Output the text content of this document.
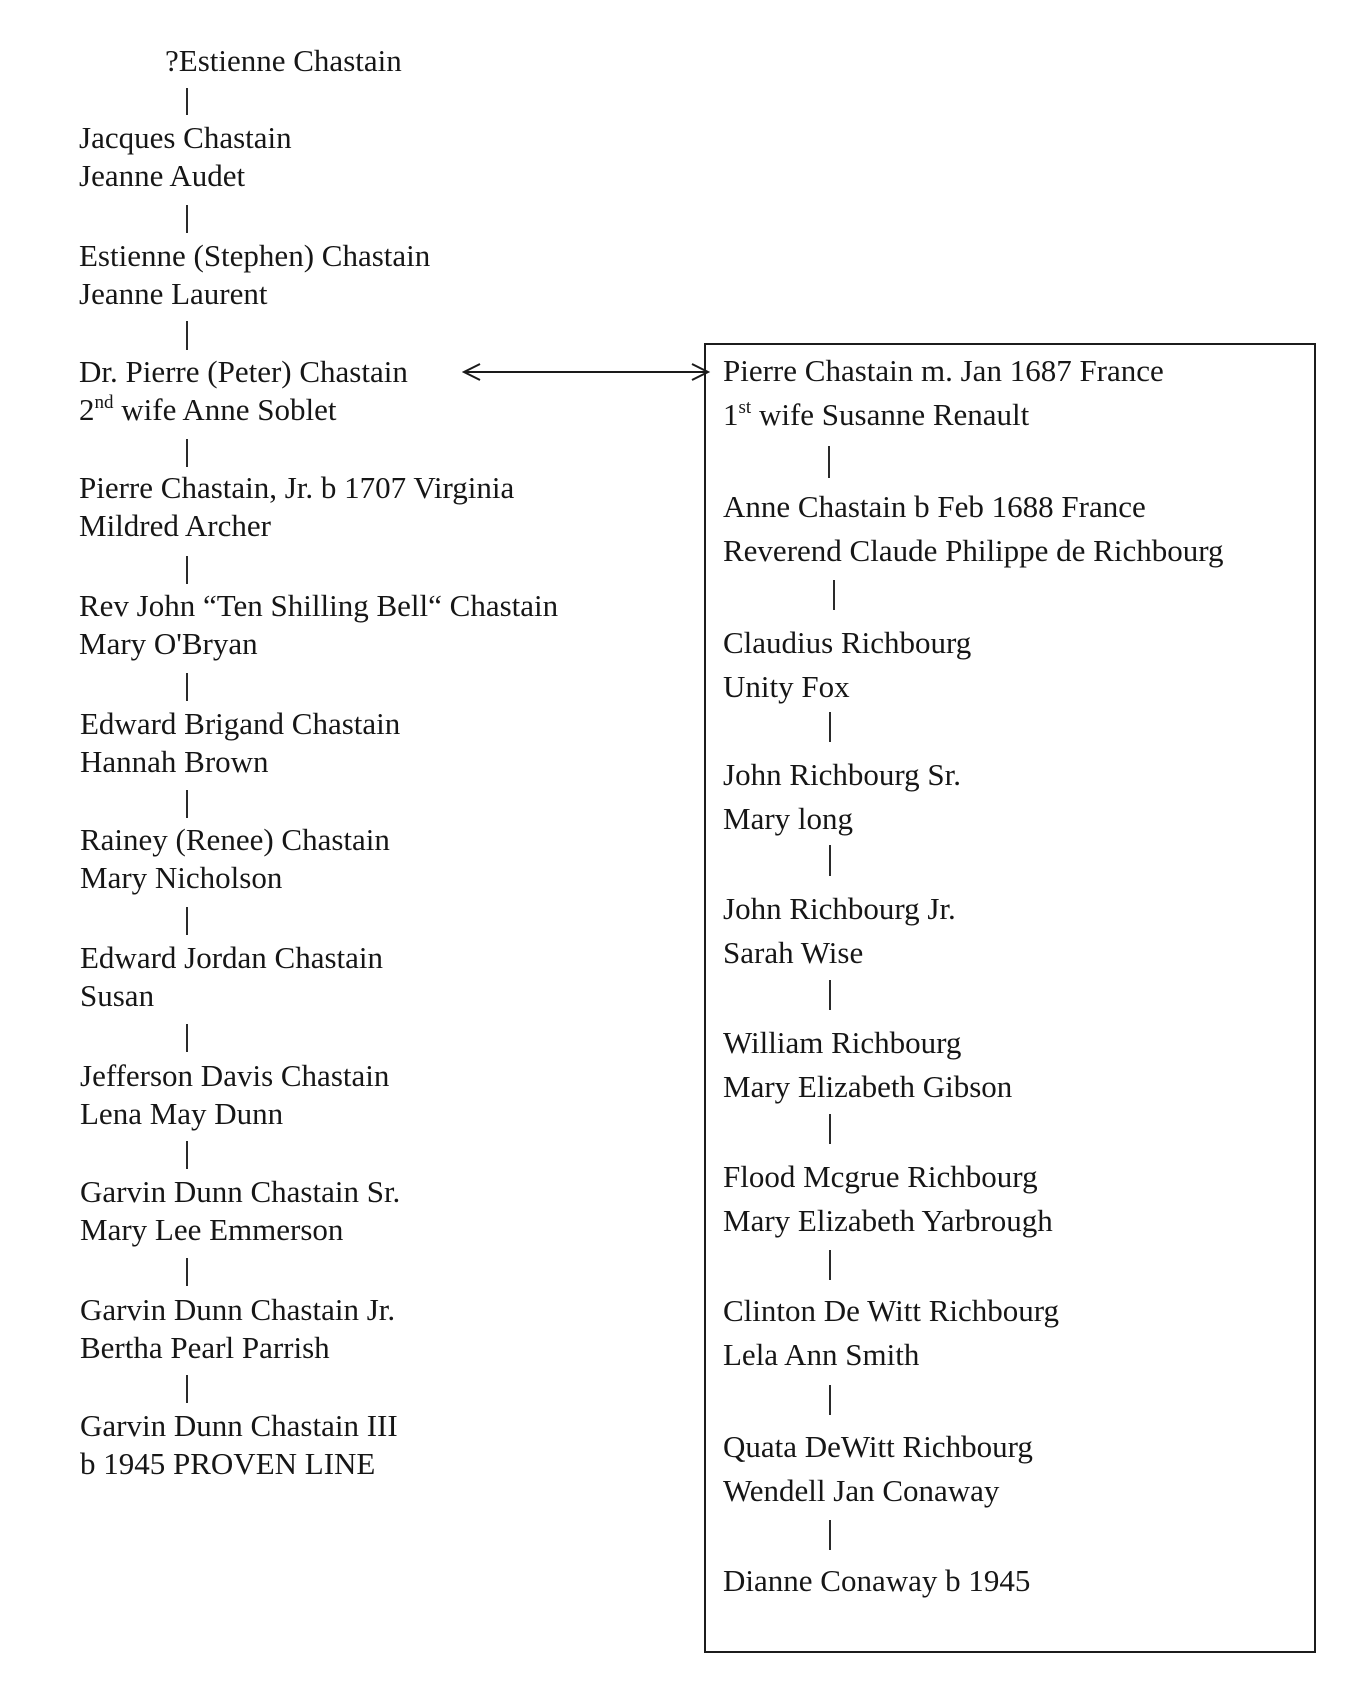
?Estienne Chastain
Jacques Chastain
Jeanne Audet
Estienne (Stephen) Chastain
Jeanne Laurent
Dr. Pierre (Peter) Chastain
2nd wife Anne Soblet
Pierre Chastain, Jr. b 1707 Virginia
Mildred Archer
Rev John “Ten Shilling Bell“ Chastain
Mary O'Bryan
Edward Brigand Chastain
Hannah Brown
Rainey (Renee) Chastain
Mary Nicholson
Edward Jordan Chastain
Susan
Jefferson Davis Chastain
Lena May Dunn
Garvin Dunn Chastain Sr.
Mary Lee Emmerson
Garvin Dunn Chastain Jr.
Bertha Pearl Parrish
Garvin Dunn Chastain III
b 1945 PROVEN LINE
Pierre Chastain m. Jan 1687 France
1st wife Susanne Renault
Anne Chastain b Feb 1688 France
Reverend Claude Philippe de Richbourg
Claudius Richbourg
Unity Fox
John Richbourg Sr.
Mary long
John Richbourg Jr.
Sarah Wise
William Richbourg
Mary Elizabeth Gibson
Flood Mcgrue Richbourg
Mary Elizabeth Yarbrough
Clinton De Witt Richbourg
Lela Ann Smith
Quata DeWitt Richbourg
Wendell Jan Conaway
Dianne Conaway b 1945
